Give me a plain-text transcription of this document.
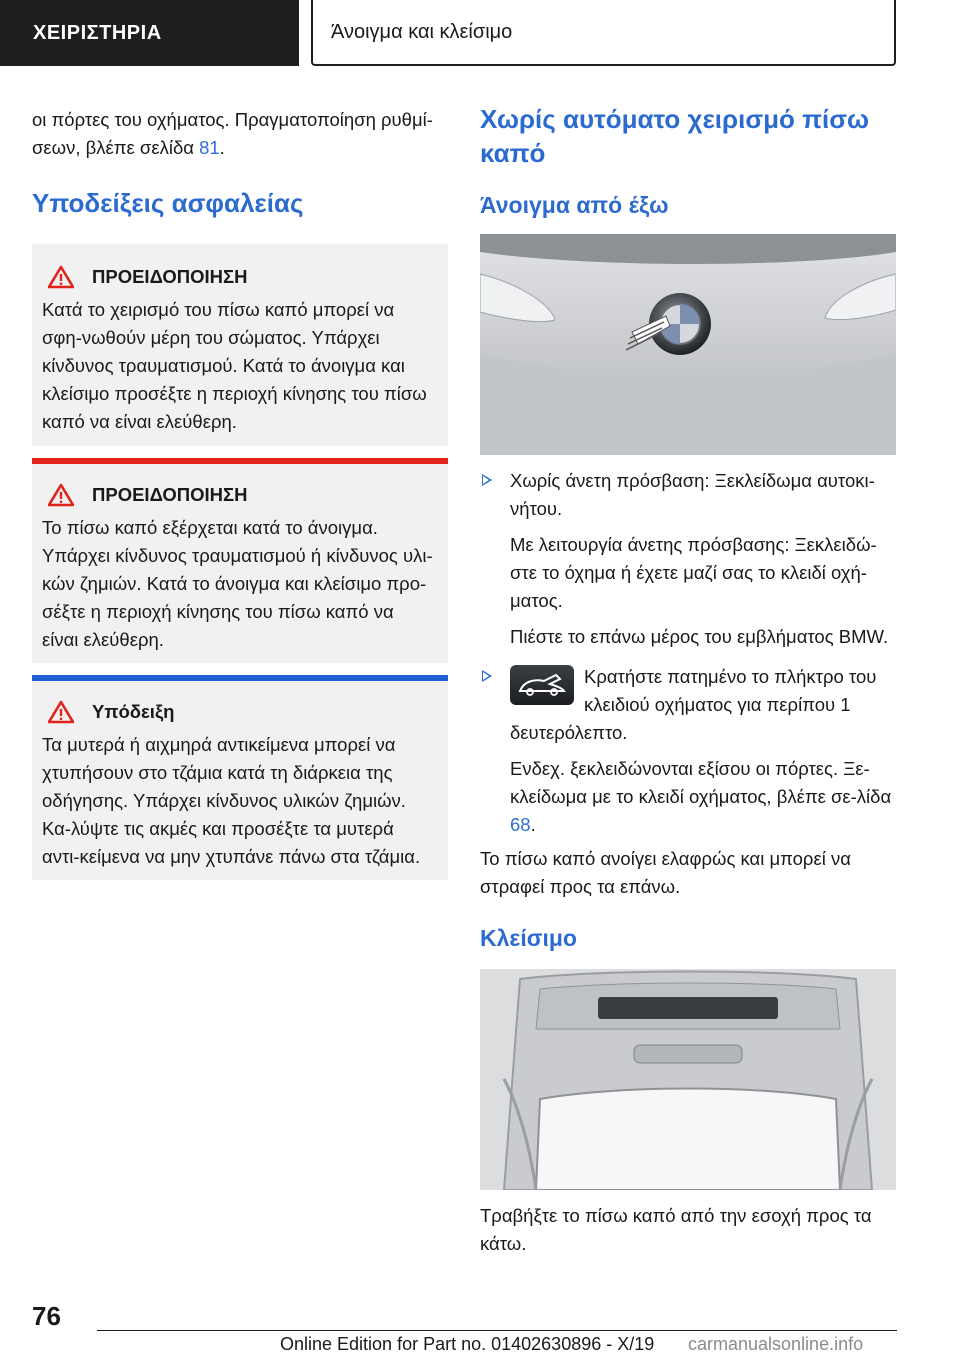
ΧΕΙΡΙΣΤΗΡΙΑ	Άνοιγμα και κλείσιμο

οι πόρτες του οχήματος. Πραγματοποίηση ρυθμί‐σεων, βλέπε σελίδα 81.

Υποδείξεις ασφαλείας
ΠΡΟΕΙΔΟΠΟΙΗΣΗ

Κατά το χειρισμό του πίσω καπό μπορεί να σφη‐νωθούν μέρη του σώματος. Υπάρχει κίνδυνος τραυματισμού. Κατά το άνοιγμα και κλείσιμο προσέξτε η περιοχή κίνησης του πίσω καπό να είναι ελεύθερη.

ΠΡΟΕΙΔΟΠΟΙΗΣΗ

Το πίσω καπό εξέρχεται κατά το άνοιγμα. Υπάρχει κίνδυνος τραυματισμού ή κίνδυνος υλι‐κών ζημιών. Κατά το άνοιγμα και κλείσιμο προ‐σέξτε η περιοχή κίνησης του πίσω καπό να είναι ελεύθερη.

Υπόδειξη

Τα μυτερά ή αιχμηρά αντικείμενα μπορεί να χτυπήσουν στο τζάμια κατά τη διάρκεια της οδήγησης. Υπάρχει κίνδυνος υλικών ζημιών. Κα‐λύψτε τις ακμές και προσέξτε τα μυτερά αντι‐κείμενα να μην χτυπάνε πάνω στα τζάμια.

Χωρίς αυτόματο χειρισμό πίσω καπό
Άνοιγμα από έξω

Χωρίς άνετη πρόσβαση: Ξεκλείδωμα αυτοκι‐νήτου.

Με λειτουργία άνετης πρόσβασης: Ξεκλειδώ‐στε το όχημα ή έχετε μαζί σας το κλειδί οχή‐ματος.

Πιέστε το επάνω μέρος του εμβλήματος BMW.

Κρατήστε πατημένο το πλήκτρο του κλειδιού οχήματος για περίπου 1 δευτερόλεπτο.

Ενδεχ. ξεκλειδώνονται εξίσου οι πόρτες. Ξε‐κλείδωμα με το κλειδί οχήματος, βλέπε σε‐λίδα 68.

Το πίσω καπό ανοίγει ελαφρώς και μπορεί να στραφεί προς τα επάνω.

Κλείσιμο

Τραβήξτε το πίσω καπό από την εσοχή προς τα κάτω.

76
Online Edition for Part no. 01402630896 - X/19 carmanualsonline.info
